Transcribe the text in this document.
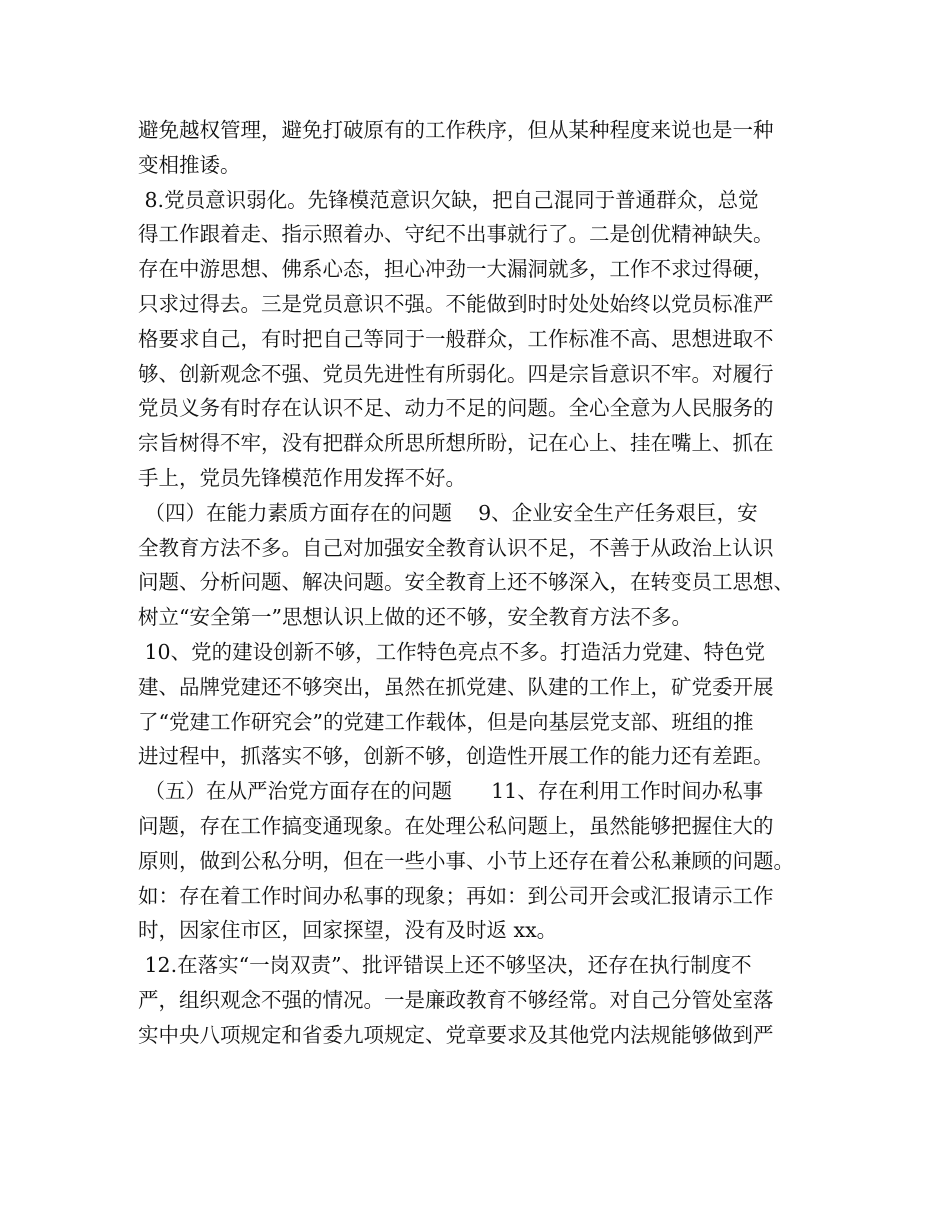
避免越权管理，避免打破原有的工作秩序，但从某种程度来说也是一种
变相推诿。
8.党员意识弱化。先锋模范意识欠缺，把自己混同于普通群众，总觉
得工作跟着走、指示照着办、守纪不出事就行了。二是创优精神缺失。
存在中游思想、佛系心态，担心冲劲一大漏洞就多，工作不求过得硬，
只求过得去。三是党员意识不强。不能做到时时处处始终以党员标准严
格要求自己，有时把自己等同于一般群众，工作标准不高、思想进取不
够、创新观念不强、党员先进性有所弱化。四是宗旨意识不牢。对履行
党员义务有时存在认识不足、动力不足的问题。全心全意为人民服务的
宗旨树得不牢，没有把群众所思所想所盼，记在心上、挂在嘴上、抓在
手上，党员先锋模范作用发挥不好。
（四）在能力素质方面存在的问题    9、企业安全生产任务艰巨，安
全教育方法不多。自己对加强安全教育认识不足，不善于从政治上认识
问题、分析问题、解决问题。安全教育上还不够深入，在转变员工思想、
树立“安全第一”思想认识上做的还不够，安全教育方法不多。
10、党的建设创新不够，工作特色亮点不多。打造活力党建、特色党
建、品牌党建还不够突出，虽然在抓党建、队建的工作上，矿党委开展
了“党建工作研究会”的党建工作载体，但是向基层党支部、班组的推
进过程中，抓落实不够，创新不够，创造性开展工作的能力还有差距。
（五）在从严治党方面存在的问题      11、存在利用工作时间办私事
问题，存在工作搞变通现象。在处理公私问题上，虽然能够把握住大的
原则，做到公私分明，但在一些小事、小节上还存在着公私兼顾的问题。
如：存在着工作时间办私事的现象；再如：到公司开会或汇报请示工作
时，因家住市区，回家探望，没有及时返 xx。
12.在落实“一岗双责”、批评错误上还不够坚决，还存在执行制度不
严，组织观念不强的情况。一是廉政教育不够经常。对自己分管处室落
实中央八项规定和省委九项规定、党章要求及其他党内法规能够做到严
